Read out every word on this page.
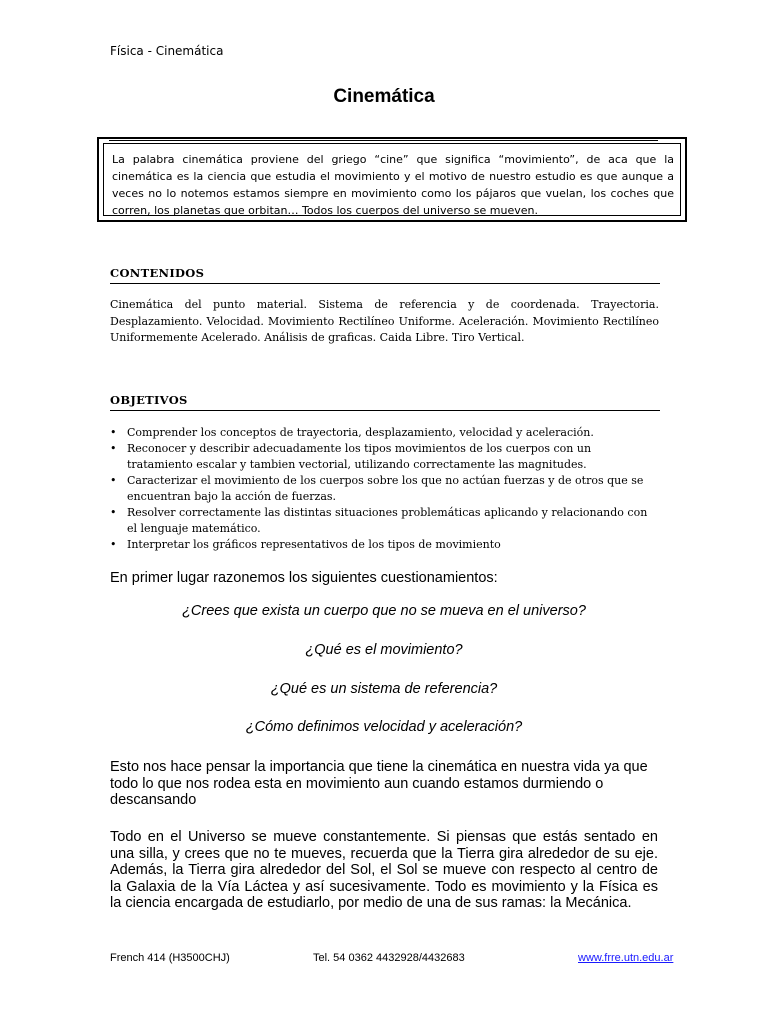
Física - Cinemática
Cinemática

La palabra cinemática proviene del griego “cine” que significa “movimiento”, de aca que la cinemática es la ciencia que estudia el movimiento y el motivo de nuestro estudio es que aunque a veces no lo notemos estamos siempre en movimiento como los pájaros que vuelan, los coches que corren, los planetas que orbitan… Todos los cuerpos del universo se mueven.

CONTENIDOS

Cinemática del punto material. Sistema de referencia y de coordenada. Trayectoria. Desplazamiento. Velocidad. Movimiento Rectilíneo Uniforme. Aceleración. Movimiento Rectilíneo Uniformemente Acelerado. Análisis de graficas. Caida Libre. Tiro Vertical.

OBJETIVOS
• Comprender los conceptos de trayectoria, desplazamiento, velocidad y aceleración.
• Reconocer y describir adecuadamente los tipos movimientos de los cuerpos con un tratamiento escalar y tambien vectorial, utilizando correctamente las magnitudes.
• Caracterizar el movimiento de los cuerpos sobre los que no actúan fuerzas y de otros que se encuentran bajo la acción de fuerzas.
• Resolver correctamente las distintas situaciones problemáticas aplicando y relacionando con el lenguaje matemático.
• Interpretar los gráficos representativos de los tipos de movimiento

En primer lugar razonemos los siguientes cuestionamientos:

¿Crees que exista un cuerpo que no se mueva en el universo?
¿Qué es el movimiento?
¿Qué es un sistema de referencia?
¿Cómo definimos velocidad y aceleración?

Esto nos hace pensar la importancia que tiene la cinemática en nuestra vida ya que todo lo que nos rodea esta en movimiento aun cuando estamos durmiendo o descansando

Todo en el Universo se mueve constantemente. Si piensas que estás sentado en una silla, y crees que no te mueves, recuerda que la Tierra gira alrededor de su eje. Además, la Tierra gira alrededor del Sol, el Sol se mueve con respecto al centro de la Galaxia de la Vía Láctea y así sucesivamente. Todo es movimiento y la Física es la ciencia encargada de estudiarlo, por medio de una de sus ramas: la Mecánica.

French 414 (H3500CHJ)	Tel. 54 0362 4432928/4432683	www.frre.utn.edu.ar
